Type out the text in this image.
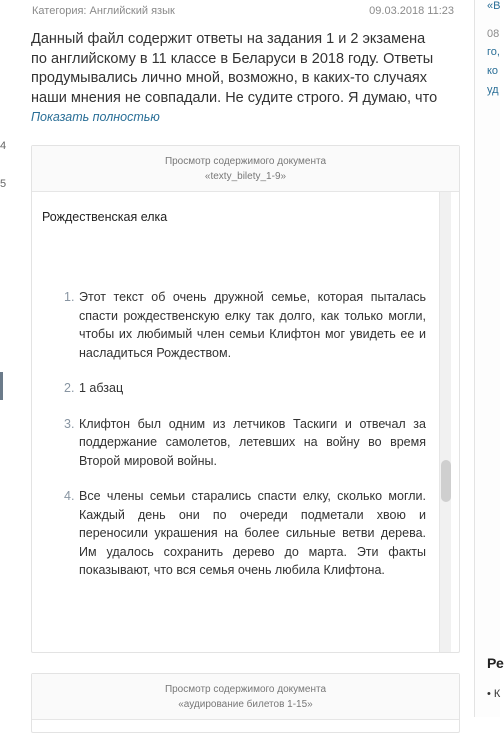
4
5
Категория: Английский язык	09.03.2018 11:23

Данный файл содержит ответы на задания 1 и 2 экзамена по английскому в 11 классе в Беларуси в 2018 году. Ответы продумывались лично мной, возможно, в каких-то случаях наши мнения не совпадали. Не судите строго. Я думаю, что

Показать полностью
Просмотр содержимого документа
«texty_bilety_1-9»
Рождественская елка
1. Этот текст об очень дружной семье, которая пыталась спасти рождественскую елку так долго, как только могли, чтобы их любимый член семьи Клифтон мог увидеть ее и насладиться Рождеством.
2. 1 абзац
3. Клифтон был одним из летчиков Таскиги и отвечал за поддержание самолетов, летевших на войну во время Второй мировой войны.
4. Все члены семьи старались спасти елку, сколько могли. Каждый день они по очереди подметали хвою и переносили украшения на более сильные ветви дерева. Им удалось сохранить дерево до марта. Эти факты показывают, что вся семья очень любила Клифтона.
Просмотр содержимого документа
«аудирование билетов 1-15»
«В
08
го,
ко
уд
Ре
• К
